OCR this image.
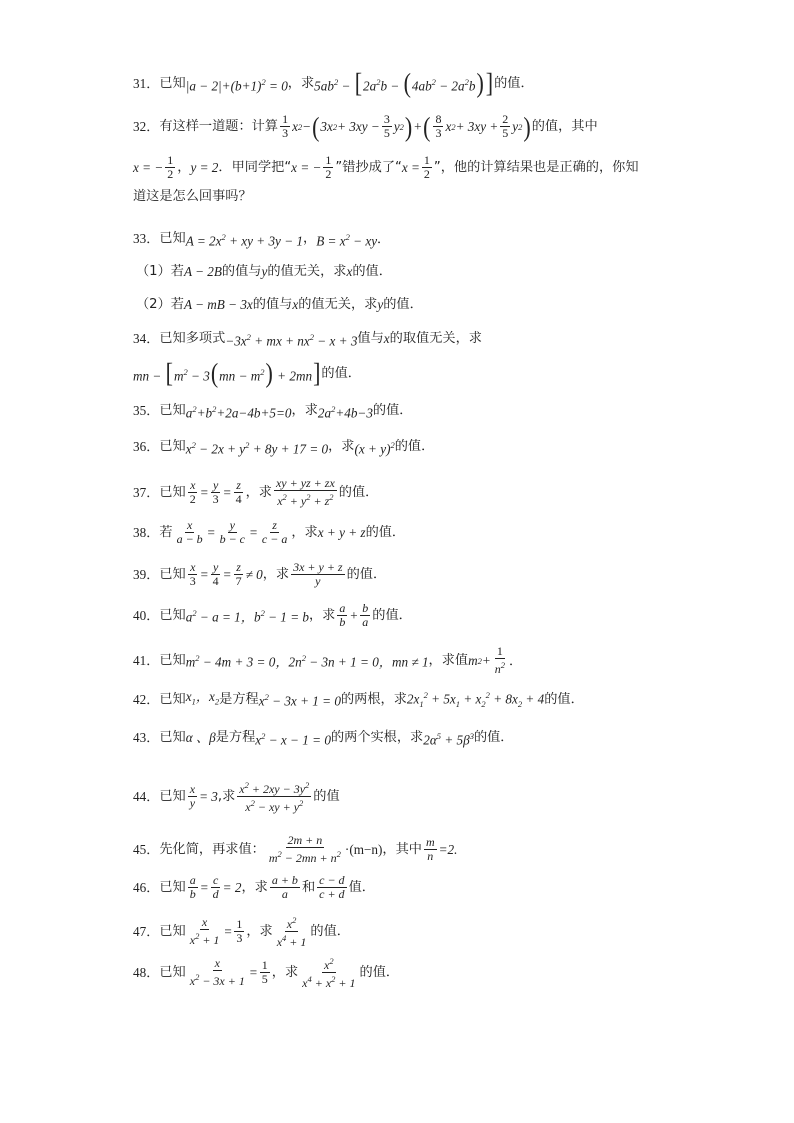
31． 已知 $|a - 2|+(b+1)^2 = 0$ ，求 $5ab^2 - [2a^2b - (4ab^2 - 2a^2b)]$ 的值．
32． 有这样一道题：计算 $\frac{1}{3}$ x 2 − ( 3x $2 + 3xy - \frac{3}{5}$ y 2 ) + ( $\frac{8}{3}$ x $2 + 3xy + \frac{2}{5}$ y 2 ) 的值，其中
x = − $\frac{1}{2}$ ， y = 2 ．甲同学把“ x = − $\frac{1}{2}$ ”错抄成了“ $x = \frac{1}{2}$ ”，他的计算结果也是正确的，你知
道这是怎么回事吗？
33． 已知 $A = 2x^2$ + xy + 3y − 1 ， $B = x^2$ − xy ．
（1）若 A − 2B 的值与 y 的值无关，求 x 的值．
（2）若 A − mB − 3x 的值与 x 的值无关，求 y 的值．
34． 已知多项式 $-3x^2$ + mx + $nx^2 - x + 3$ 值与 x 的取值无关，求
mn − $[m^2 - 3(mn - m^2) + 2mn]$ 的值．
35． 已知 $a^2+b^2+2a-4b+5=0$ ，求 $2a^2+4b-3$ 的值．
36． 已知 $x^2 - 2x + y^2 + 8y + 17 = 0$ ，求 $(x + y)^2$ 的值．
37． 已知 $\frac{x}{2} = \frac{y}{3} = \frac{z}{4}$ ，求 $\frac{xy + yz + zx}{x^2 + y^2 + z^2}$ 的值．
38． 若 $\frac{x}{a - b} = \frac{y}{b - c} = \frac{z}{c - a}$ ，求 x + y + z 的值．
39． 已知 $\frac{x}{3} = \frac{y}{4} = \frac{z}{7} \ne 0$ ，求 $\frac{3x + y + z}{y}$ 的值．
40． 已知 $a^2 - a = 1$，$b^2 - 1 = b$ ，求 $\frac{a}{b} + \frac{b}{a}$ 的值．
41． 已知 $m^2 - 4m + 3 = 0$，$2n^2 - 3n + 1 = 0$，mn ≠ 1 ，求值 m $2 + \frac{1}{n^2}$ ．
42． 已知 $x_1$，$x_2$ 是方程 $x^2 - 3x + 1 = 0$ 的两根，求 $2x_1^2 + 5x_1 + x_2^2 + 8x_2 + 4$ 的值．
43． 已知 α 、β 是方程 $x^2 - x - 1 = 0$ 的两个实根，求 $2\alpha^5 + 5\beta^3$ 的值．
44． 已知 $\frac{x}{y} = 3$ ,求 $\frac{x^2 + 2xy - 3y^2}{x^2 - xy + y^2}$ 的值
45． 先化简，再求值： $\frac{2m + n}{m^2 - 2mn + n^2} \cdot(m-n)$ ，其中 $\frac{m}{n} =2$.
46． 已知 $\frac{a}{b} = \frac{c}{d} = 2$ ，求 $\frac{a + b}{a}$ 和 $\frac{c - d}{c + d}$ 值．
47． 已知 $\frac{x}{x^2 + 1} = \frac{1}{3}$ ，求 $\frac{x^2}{x^4 + 1}$ 的值．
48． 已知 $\frac{x}{x^2 - 3x + 1} = \frac{1}{5}$ ，求 $\frac{x^2}{x^4 + x^2 + 1}$ 的值．
